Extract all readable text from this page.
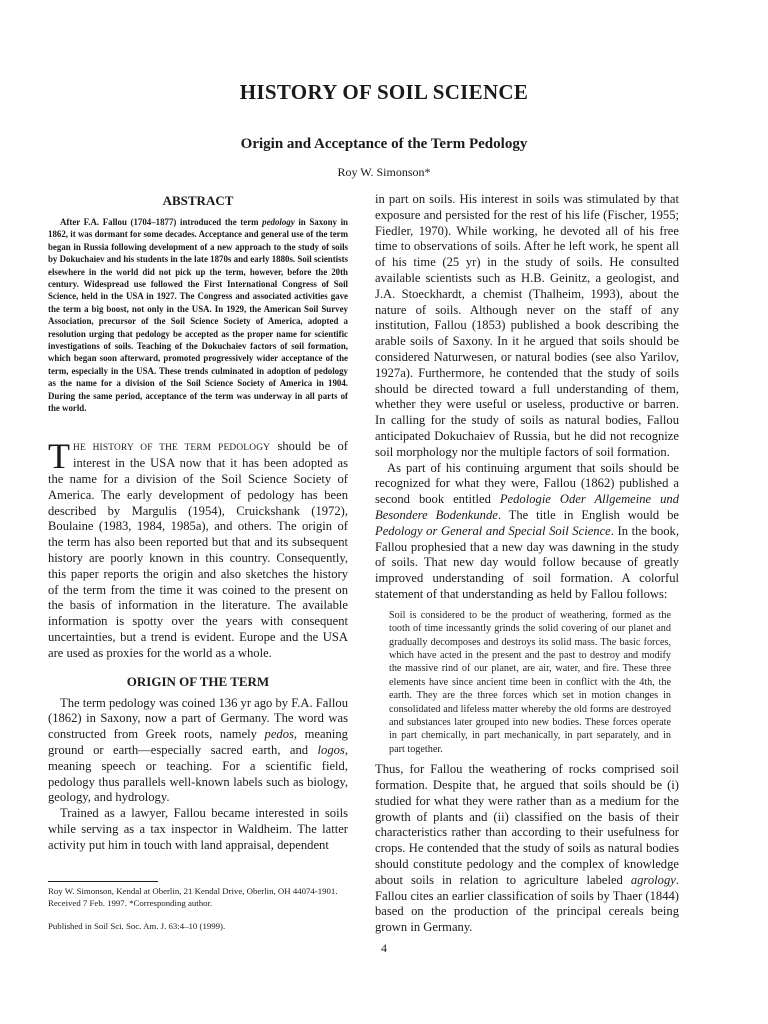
HISTORY OF SOIL SCIENCE
Origin and Acceptance of the Term Pedology
Roy W. Simonson*
ABSTRACT

After F.A. Fallou (1704–1877) introduced the term pedology in Saxony in 1862, it was dormant for some decades. Acceptance and general use of the term began in Russia following development of a new approach to the study of soils by Dokuchaiev and his students in the late 1870s and early 1880s. Soil scientists elsewhere in the world did not pick up the term, however, before the 20th century. Widespread use followed the First International Congress of Soil Science, held in the USA in 1927. The Congress and associated activities gave the term a big boost, not only in the USA. In 1929, the American Soil Survey Association, precursor of the Soil Science Society of America, adopted a resolution urging that pedology be accepted as the proper name for scientific investigations of soils. Teaching of the Dokuchaiev factors of soil formation, which began soon afterward, promoted progressively wider acceptance of the term, especially in the USA. These trends culminated in adoption of pedology as the name for a division of the Soil Science Society of America in 1904. During the same period, acceptance of the term was underway in all parts of the world.

THE HISTORY OF THE TERM PEDOLOGY should be of interest in the USA now that it has been adopted as the name for a division of the Soil Science Society of America. The early development of pedology has been described by Margulis (1954), Cruickshank (1972), Boulaine (1983, 1984, 1985a), and others. The origin of the term has also been reported but that and its subsequent history are poorly known in this country. Consequently, this paper reports the origin and also sketches the history of the term from the time it was coined to the present on the basis of information in the literature. The available information is spotty over the years with consequent uncertainties, but a trend is evident. Europe and the USA are used as proxies for the world as a whole.

ORIGIN OF THE TERM

The term pedology was coined 136 yr ago by F.A. Fallou (1862) in Saxony, now a part of Germany. The word was constructed from Greek roots, namely pedos, meaning ground or earth—especially sacred earth, and logos, meaning speech or teaching. For a scientific field, pedology thus parallels well-known labels such as biology, geology, and hydrology.

Trained as a lawyer, Fallou became interested in soils while serving as a tax inspector in Waldheim. The latter activity put him in touch with land appraisal, dependent

Roy W. Simonson, Kendal at Oberlin, 21 Kendal Drive, Oberlin, OH 44074-1901. Received 7 Feb. 1997. *Corresponding author.

Published in Soil Sci. Soc. Am. J. 63:4–10 (1999).

in part on soils. His interest in soils was stimulated by that exposure and persisted for the rest of his life (Fischer, 1955; Fiedler, 1970). While working, he devoted all of his free time to observations of soils. After he left work, he spent all of his time (25 yr) in the study of soils. He consulted available scientists such as H.B. Geinitz, a geologist, and J.A. Stoeckhardt, a chemist (Thalheim, 1993), about the nature of soils. Although never on the staff of any institution, Fallou (1853) published a book describing the arable soils of Saxony. In it he argued that soils should be considered Naturwesen, or natural bodies (see also Yarilov, 1927a). Furthermore, he contended that the study of soils should be directed toward a full understanding of them, whether they were useful or useless, productive or barren. In calling for the study of soils as natural bodies, Fallou anticipated Dokuchaiev of Russia, but he did not recognize soil morphology nor the multiple factors of soil formation.

As part of his continuing argument that soils should be recognized for what they were, Fallou (1862) published a second book entitled Pedologie Oder Allgemeine und Besondere Bodenkunde. The title in English would be Pedology or General and Special Soil Science. In the book, Fallou prophesied that a new day was dawning in the study of soils. That new day would follow because of greatly improved understanding of soil formation. A colorful statement of that understanding as held by Fallou follows:

Soil is considered to be the product of weathering, formed as the tooth of time incessantly grinds the solid covering of our planet and gradually decomposes and destroys its solid mass. The basic forces, which have acted in the present and the past to destroy and modify the massive rind of our planet, are air, water, and fire. These three elements have since ancient time been in conflict with the 4th, the earth. They are the three forces which set in motion changes in consolidated and lifeless matter whereby the old forms are destroyed and substances later grouped into new bodies. These forces operate in part chemically, in part mechanically, in part separately, and in part together.

Thus, for Fallou the weathering of rocks comprised soil formation. Despite that, he argued that soils should be (i) studied for what they were rather than as a medium for the growth of plants and (ii) classified on the basis of their characteristics rather than according to their usefulness for crops. He contended that the study of soils as natural bodies should constitute pedology and the complex of knowledge about soils in relation to agriculture labeled agrology. Fallou cites an earlier classification of soils by Thaer (1844) based on the production of the principal cereals being grown in Germany.

4
